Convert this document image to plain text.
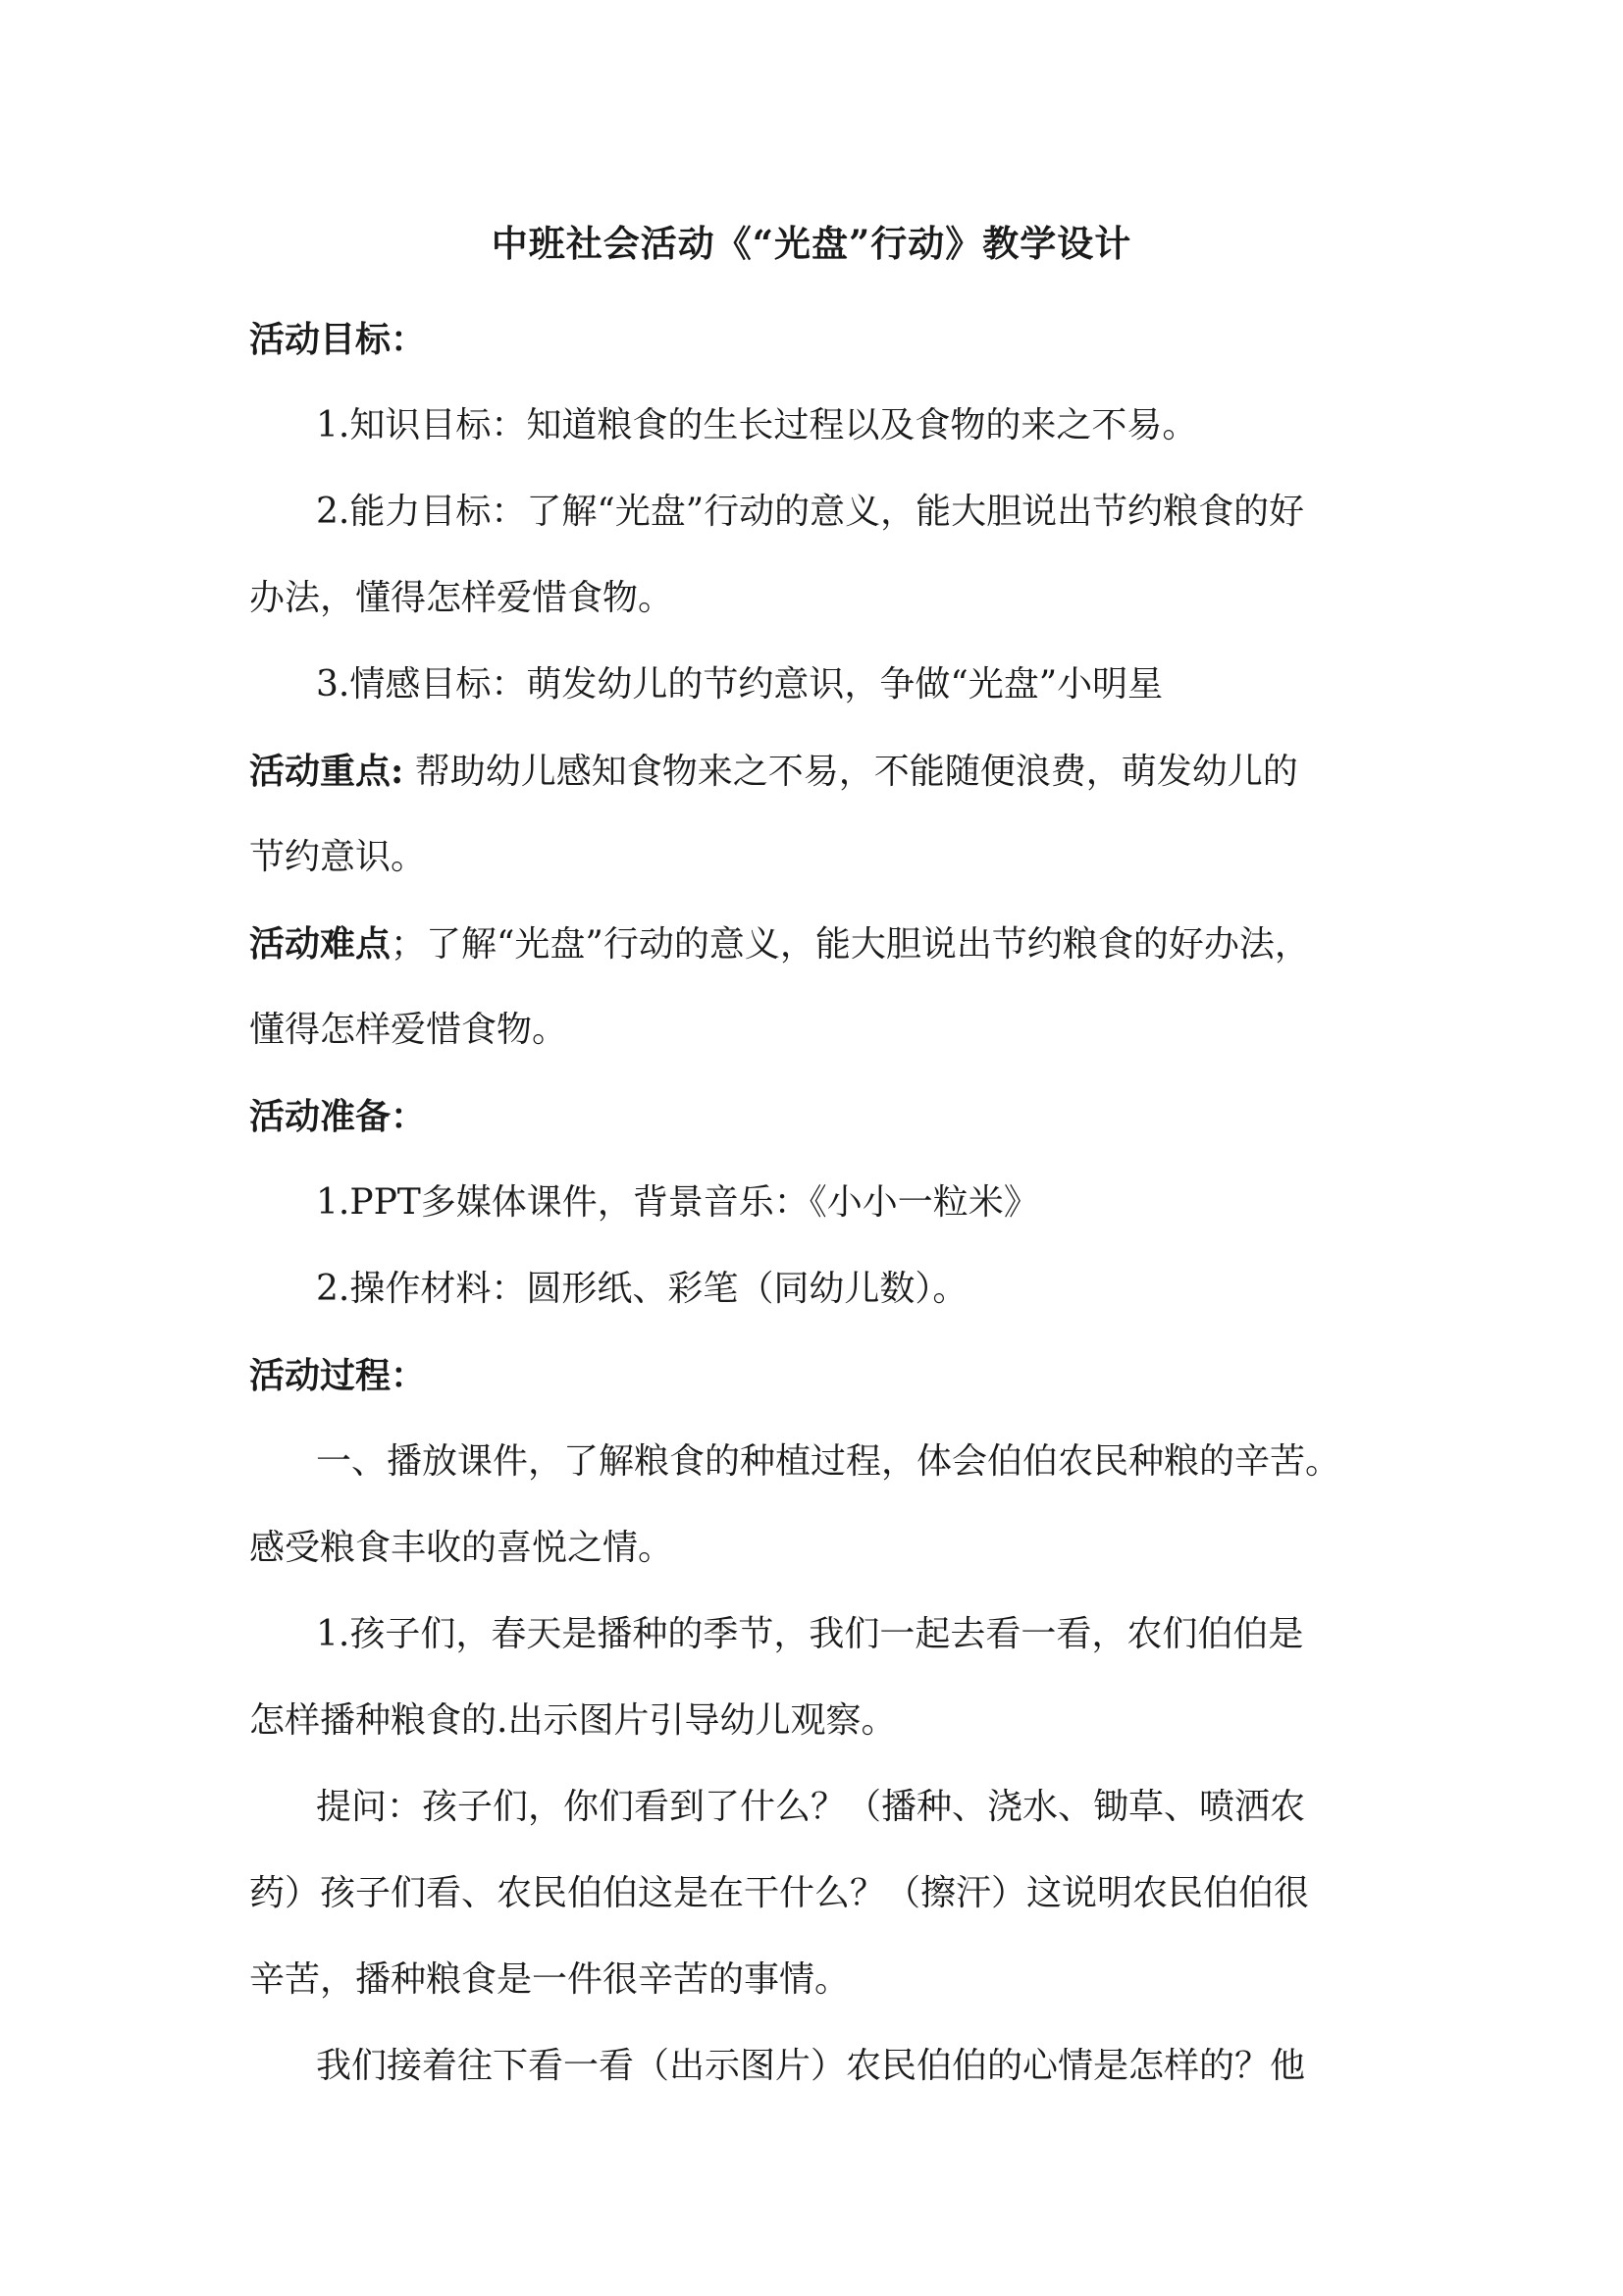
中班社会活动《“光盘”行动》教学设计

活动目标：

1.知识目标：知道粮食的生长过程以及食物的来之不易。

2.能力目标：了解“光盘”行动的意义，能大胆说出节约粮食的好

办法，懂得怎样爱惜食物。

3.情感目标：萌发幼儿的节约意识，争做“光盘”小明星

活动重点: 帮助幼儿感知食物来之不易，不能随便浪费，萌发幼儿的

节约意识。

活动难点；了解“光盘”行动的意义，能大胆说出节约粮食的好办法，

懂得怎样爱惜食物。

活动准备：

1.PPT多媒体课件，背景音乐：《小小一粒米》

2.操作材料：圆形纸、彩笔（同幼儿数）。

活动过程：

一、播放课件，了解粮食的种植过程，体会伯伯农民种粮的辛苦。

感受粮食丰收的喜悦之情。

1.孩子们，春天是播种的季节，我们一起去看一看，农们伯伯是

怎样播种粮食的.出示图片引导幼儿观察。

提问：孩子们，你们看到了什么？（播种、浇水、锄草、喷洒农

药）孩子们看、农民伯伯这是在干什么？（擦汗）这说明农民伯伯很

辛苦，播种粮食是一件很辛苦的事情。

我们接着往下看一看（出示图片）农民伯伯的心情是怎样的？他
